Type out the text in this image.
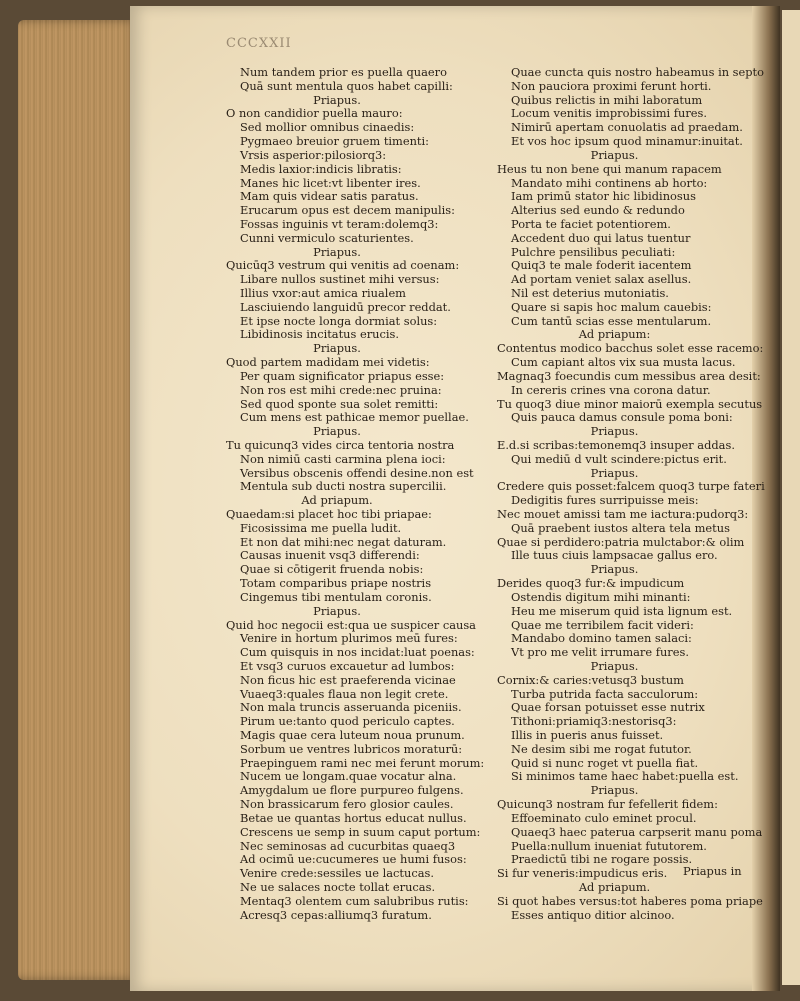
CCCXXII
Num tandem prior es puella quaero
Quā sunt mentula quos habet capilli:
Priapus.
O non candidior puella mauro:
Sed mollior omnibus cinaedis:
Pygmaeo breuior gruem timenti:
Vrsis asperior:pilosiorq3:
Medis laxior:indicis libratis:
Manes hic licet:vt libenter ires.
Mam quis videar satis paratus.
Erucarum opus est decem manipulis:
Fossas inguinis vt teram:dolemq3:
Cunni vermiculo scaturientes.
Priapus.
Quicūq3 vestrum qui venitis ad coenam:
Libare nullos sustinet mihi versus:
Illius vxor:aut amica riualem
Lasciuiendo languidū precor reddat.
Et ipse nocte longa dormiat solus:
Libidinosis incitatus erucis.
Priapus.
Quod partem madidam mei videtis:
Per quam significator priapus esse:
Non ros est mihi crede:nec pruina:
Sed quod sponte sua solet remitti:
Cum mens est pathicae memor puellae.
Priapus.
Tu quicunq3 vides circa tentoria nostra
Non nimiū casti carmina plena ioci:
Versibus obscenis offendi desine.non est
Mentula sub ducti nostra supercilii.
Ad priapum.
Quaedam:si placet hoc tibi priapae:
Ficosissima me puella ludit.
Et non dat mihi:nec negat daturam.
Causas inuenit vsq3 differendi:
Quae si cōtigerit fruenda nobis:
Totam comparibus priape nostris
Cingemus tibi mentulam coronis.
Priapus.
Quid hoc negocii est:qua ue suspicer causa
Venire in hortum plurimos meū fures:
Cum quisquis in nos incidat:luat poenas:
Et vsq3 curuos excauetur ad lumbos:
Non ficus hic est praeferenda vicinae
Vuaeq3:quales flaua non legit crete.
Non mala truncis asseruanda piceniis.
Pirum ue:tanto quod periculo captes.
Magis quae cera luteum noua prunum.
Sorbum ue ventres lubricos moraturū:
Praepinguem rami nec mei ferunt morum:
Nucem ue longam.quae vocatur alna.
Amygdalum ue flore purpureo fulgens.
Non brassicarum fero glosior caules.
Betae ue quantas hortus educat nullus.
Crescens ue semp in suum caput portum:
Nec seminosas ad cucurbitas quaeq3
Ad ocimū ue:cucumeres ue humi fusos:
Venire crede:sessiles ue lactucas.
Ne ue salaces nocte tollat erucas.
Mentaq3 olentem cum salubribus rutis:
Acresq3 cepas:alliumq3 furatum.
Quae cuncta quis nostro habeamus in septo
Non pauciora proximi ferunt horti.
Quibus relictis in mihi laboratum
Locum venitis improbissimi fures.
Nimirū apertam conuolatis ad praedam.
Et vos hoc ipsum quod minamur:inuitat.
Priapus.
Heus tu non bene qui manum rapacem
Mandato mihi continens ab horto:
Iam primū stator hic libidinosus
Alterius sed eundo & redundo
Porta te faciet potentiorem.
Accedent duo qui latus tuentur
Pulchre pensilibus peculiati:
Quiq3 te male foderit iacentem
Ad portam veniet salax asellus.
Nil est deterius mutoniatis.
Quare si sapis hoc malum cauebis:
Cum tantū scias esse mentularum.
Ad priapum:
Contentus modico bacchus solet esse racemo:
Cum capiant altos vix sua musta lacus.
Magnaq3 foecundis cum messibus area desit:
In cereris crines vna corona datur.
Tu quoq3 diue minor maiorū exempla secutus
Quis pauca damus consule poma boni:
Priapus.
E.d.si scribas:temonemq3 insuper addas.
Qui mediū d vult scindere:pictus erit.
Priapus.
Credere quis posset:falcem quoq3 turpe fateri
Dedigitis fures surripuisse meis:
Nec mouet amissi tam me iactura:pudorq3:
Quā praebent iustos altera tela metus
Quae si perdidero:patria mulctabor:& olim
Ille tuus ciuis lampsacae gallus ero.
Priapus.
Derides quoq3 fur:& impudicum
Ostendis digitum mihi minanti:
Heu me miserum quid ista lignum est.
Quae me terribilem facit videri:
Mandabo domino tamen salaci:
Vt pro me velit irrumare fures.
Priapus.
Cornix:& caries:vetusq3 bustum
Turba putrida facta sacculorum:
Quae forsan potuisset esse nutrix
Tithoni:priamiq3:nestorisq3:
Illis in pueris anus fuisset.
Ne desim sibi me rogat fututor.
Quid si nunc roget vt puella fiat.
Si minimos tame haec habet:puella est.
Priapus.
Quicunq3 nostram fur fefellerit fidem:
Effoeminato culo eminet procul.
Quaeq3 haec paterua carpserit manu poma
Puella:nullum inueniat fututorem.
Praedictū tibi ne rogare possis.
Si fur veneris:impudicus eris.
Ad priapum.
Si quot habes versus:tot haberes poma priape
Esses antiquo ditior alcinoo.
Priapus in
